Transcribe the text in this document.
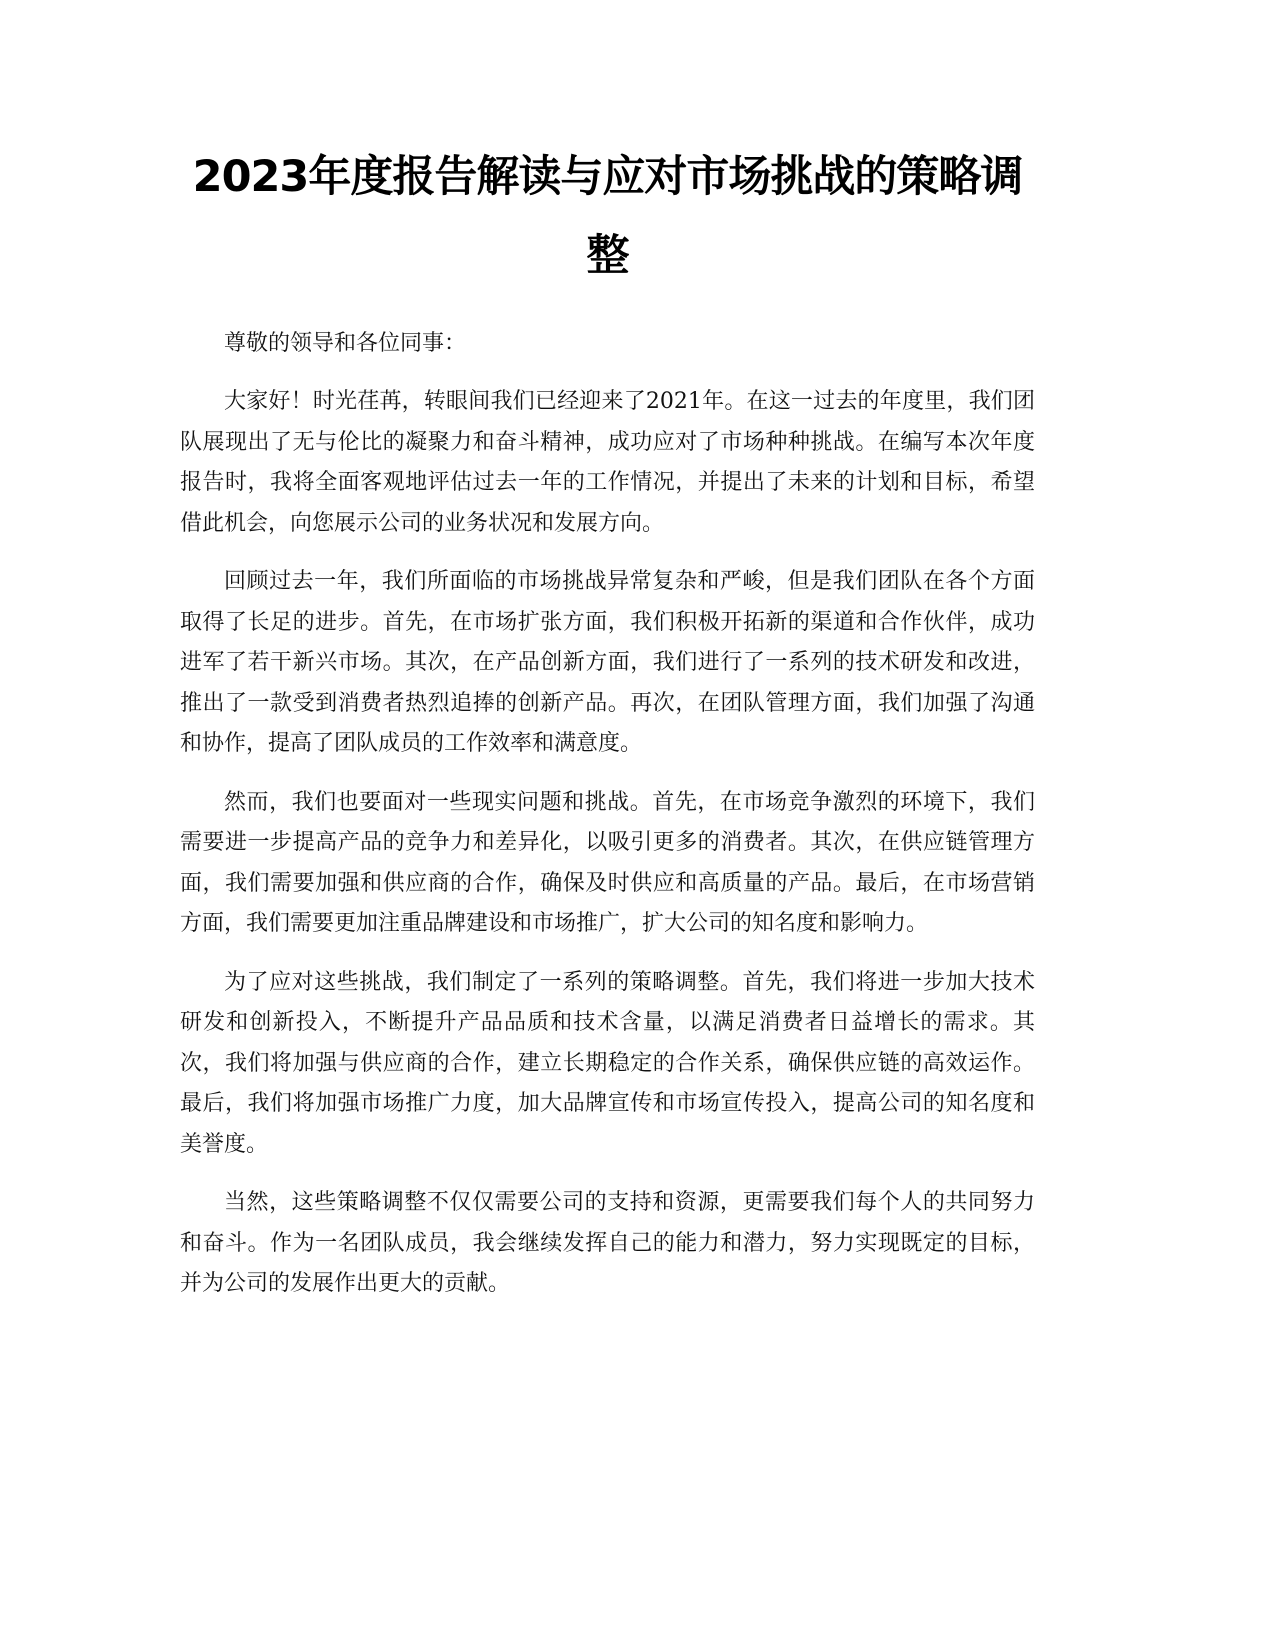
2023年度报告解读与应对市场挑战的策略调整

尊敬的领导和各位同事：

大家好！时光荏苒，转眼间我们已经迎来了2021年。在这一过去的年度里，我们团队展现出了无与伦比的凝聚力和奋斗精神，成功应对了市场种种挑战。在编写本次年度报告时，我将全面客观地评估过去一年的工作情况，并提出了未来的计划和目标，希望借此机会，向您展示公司的业务状况和发展方向。

回顾过去一年，我们所面临的市场挑战异常复杂和严峻，但是我们团队在各个方面取得了长足的进步。首先，在市场扩张方面，我们积极开拓新的渠道和合作伙伴，成功进军了若干新兴市场。其次，在产品创新方面，我们进行了一系列的技术研发和改进，推出了一款受到消费者热烈追捧的创新产品。再次，在团队管理方面，我们加强了沟通和协作，提高了团队成员的工作效率和满意度。

然而，我们也要面对一些现实问题和挑战。首先，在市场竞争激烈的环境下，我们需要进一步提高产品的竞争力和差异化，以吸引更多的消费者。其次，在供应链管理方面，我们需要加强和供应商的合作，确保及时供应和高质量的产品。最后，在市场营销方面，我们需要更加注重品牌建设和市场推广，扩大公司的知名度和影响力。

为了应对这些挑战，我们制定了一系列的策略调整。首先，我们将进一步加大技术研发和创新投入，不断提升产品品质和技术含量，以满足消费者日益增长的需求。其次，我们将加强与供应商的合作，建立长期稳定的合作关系，确保供应链的高效运作。最后，我们将加强市场推广力度，加大品牌宣传和市场宣传投入，提高公司的知名度和美誉度。

当然，这些策略调整不仅仅需要公司的支持和资源，更需要我们每个人的共同努力和奋斗。作为一名团队成员，我会继续发挥自己的能力和潜力，努力实现既定的目标，并为公司的发展作出更大的贡献。
